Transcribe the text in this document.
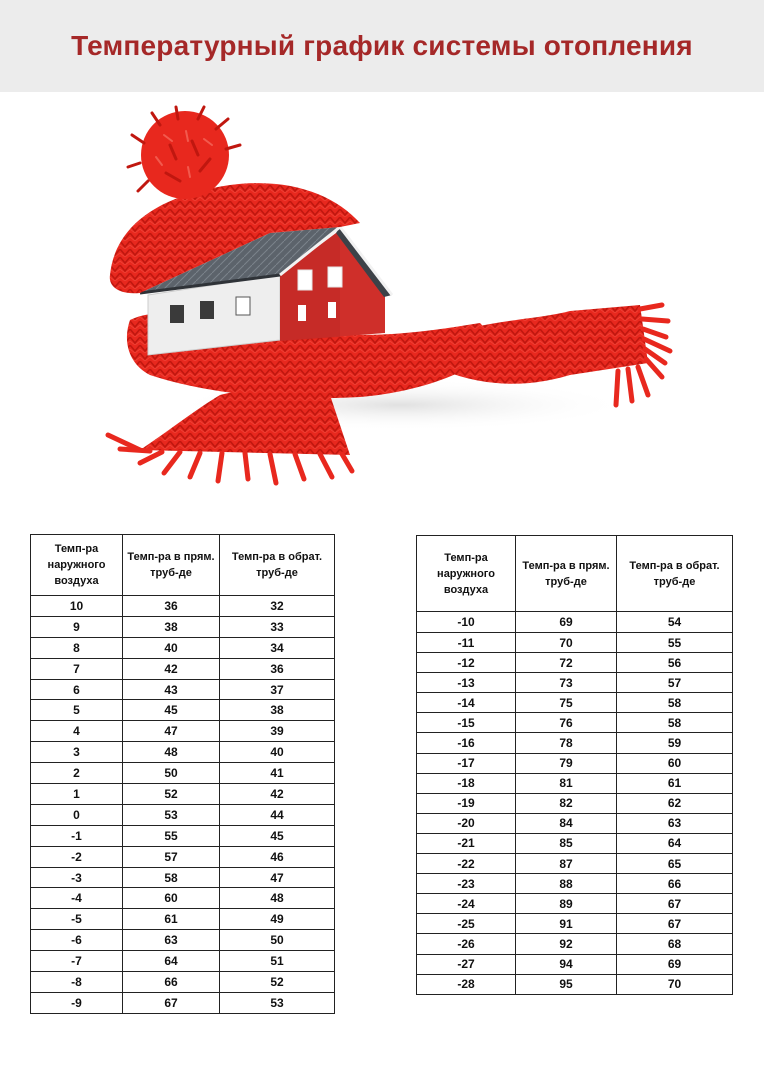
Температурный график системы отопления
Темп-ра наружного воздуха	Темп-ра в прям. труб-де	Темп-ра в обрат. труб-де
10	36	32
9	38	33
8	40	34
7	42	36
6	43	37
5	45	38
4	47	39
3	48	40
2	50	41
1	52	42
0	53	44
-1	55	45
-2	57	46
-3	58	47
-4	60	48
-5	61	49
-6	63	50
-7	64	51
-8	66	52
-9	67	53
Темп-ра наружного воздуха	Темп-ра в прям. труб-де	Темп-ра в обрат. труб-де
-10	69	54
-11	70	55
-12	72	56
-13	73	57
-14	75	58
-15	76	58
-16	78	59
-17	79	60
-18	81	61
-19	82	62
-20	84	63
-21	85	64
-22	87	65
-23	88	66
-24	89	67
-25	91	67
-26	92	68
-27	94	69
-28	95	70
